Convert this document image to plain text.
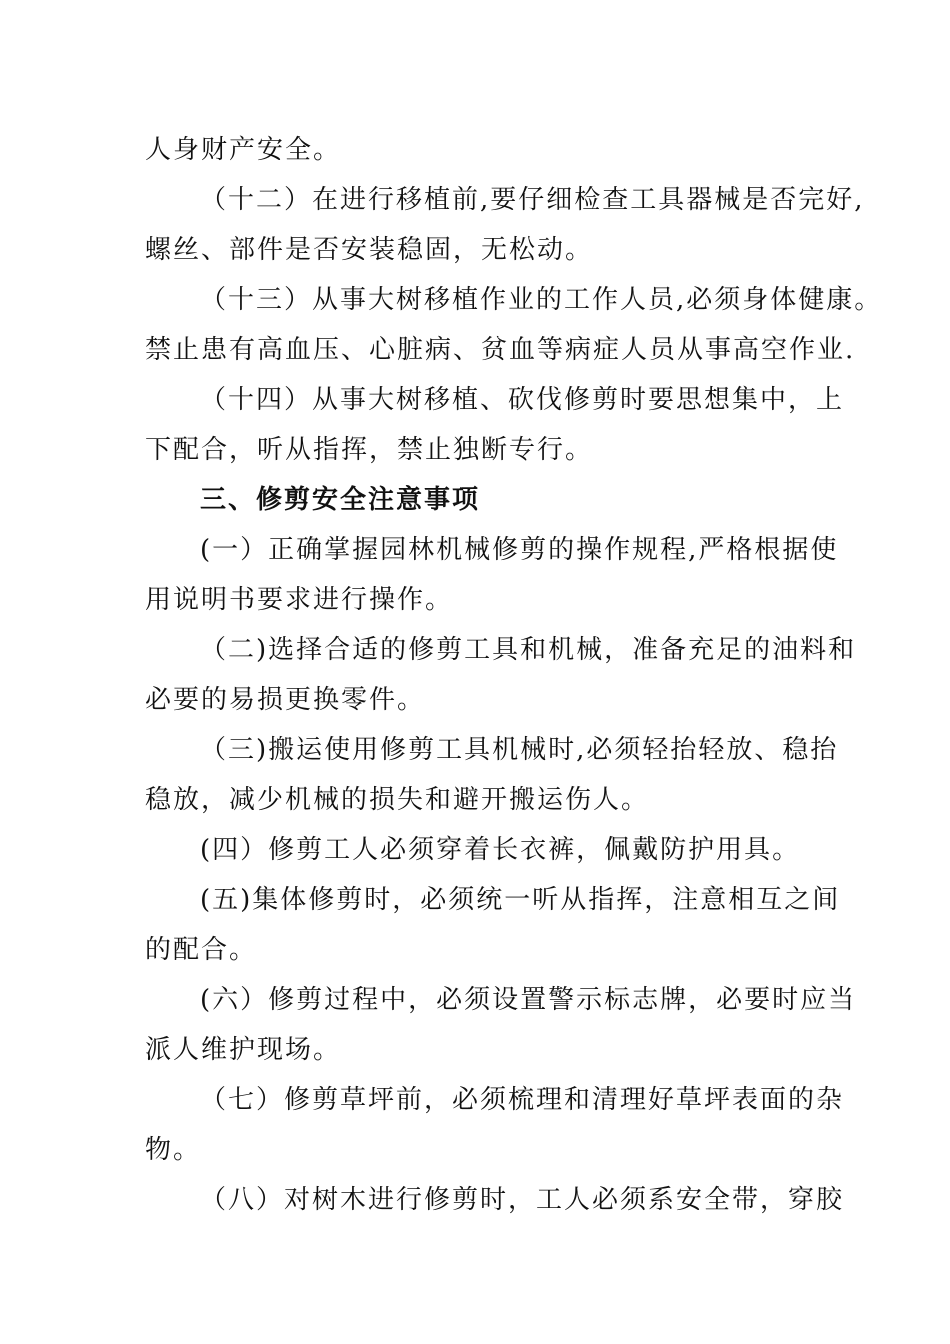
人身财产安全。
（十二）在进行移植前,要仔细检查工具器械是否完好,
螺丝、部件是否安装稳固，无松动。
（十三）从事大树移植作业的工作人员,必须身体健康。
禁止患有高血压、心脏病、贫血等病症人员从事高空作业.
（十四）从事大树移植、砍伐修剪时要思想集中，上
下配合，听从指挥，禁止独断专行。
三、修剪安全注意事项
(一）正确掌握园林机械修剪的操作规程,严格根据使
用说明书要求进行操作。
（二)选择合适的修剪工具和机械，准备充足的油料和
必要的易损更换零件。
（三)搬运使用修剪工具机械时,必须轻抬轻放、稳抬
稳放，减少机械的损失和避开搬运伤人。
(四）修剪工人必须穿着长衣裤，佩戴防护用具。
(五)集体修剪时，必须统一听从指挥，注意相互之间
的配合。
(六）修剪过程中，必须设置警示标志牌，必要时应当
派人维护现场。
（七）修剪草坪前，必须梳理和清理好草坪表面的杂
物。
（八）对树木进行修剪时，工人必须系安全带，穿胶
